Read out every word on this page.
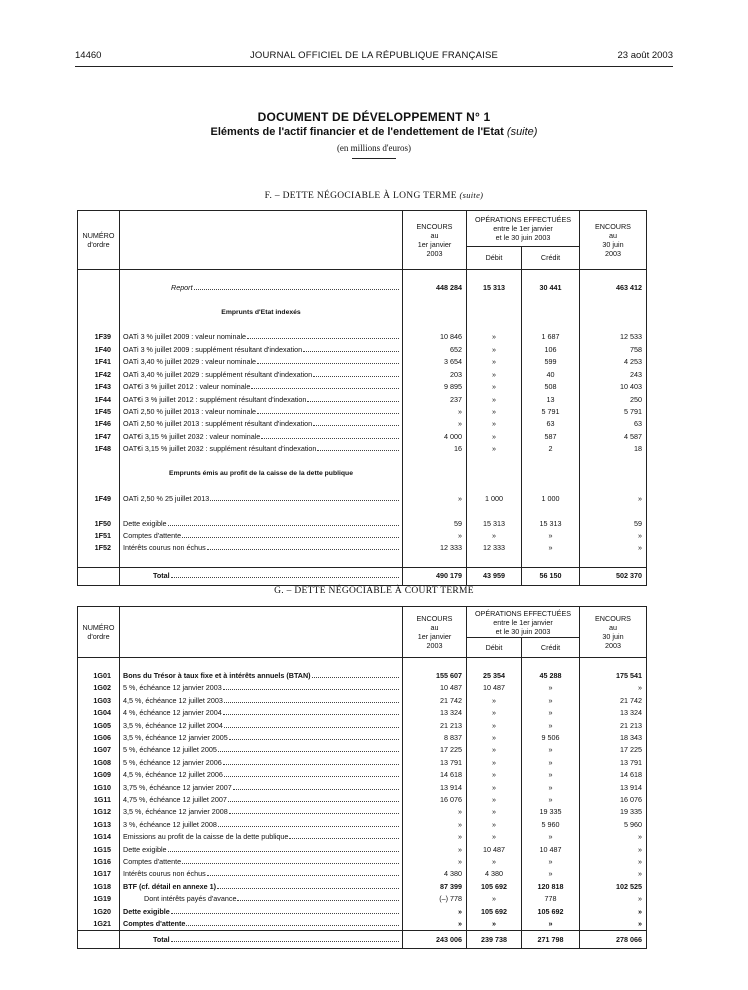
14460	JOURNAL OFFICIEL DE LA RÉPUBLIQUE FRANÇAISE	23 août 2003
DOCUMENT DE DÉVELOPPEMENT N° 1
Eléments de l'actif financier et de l'endettement de l'Etat (suite)
(en millions d'euros)
F. – DETTE NÉGOCIABLE À LONG TERME (suite)
NUMÉRO
d'ordre		ENCOURS
au
1er janvier
2003	OPÉRATIONS EFFECTUÉES
entre le 1er janvier
et le 30 juin 2003		ENCOURS
au
30 juin
2003
			Débit	Crédit	

	Report	448 284	15 313	30 441	463 412

	Emprunts d'Etat indexés				

1F39	OATi 3 % juillet 2009 : valeur nominale	10 846	»	1 687	12 533
1F40	OATi 3 % juillet 2009 : supplément résultant d'indexation	652	»	106	758
1F41	OATi 3,40 % juillet 2029 : valeur nominale	3 654	»	599	4 253
1F42	OATi 3,40 % juillet 2029 : supplément résultant d'indexation	203	»	40	243
1F43	OAT€i 3 % juillet 2012 : valeur nominale	9 895	»	508	10 403
1F44	OAT€i 3 % juillet 2012 : supplément résultant d'indexation	237	»	13	250
1F45	OATi 2,50 % juillet 2013 : valeur nominale	»	»	5 791	5 791
1F46	OATi 2,50 % juillet 2013 : supplément résultant d'indexation	»	»	63	63
1F47	OAT€i 3,15 % juillet 2032 : valeur nominale	4 000	»	587	4 587
1F48	OAT€i 3,15 % juillet 2032 : supplément résultant d'indexation	16	»	2	18

	Emprunts émis au profit de la caisse de la dette publique				

1F49	OATi 2,50 % 25 juillet 2013	»	1 000	1 000	»

1F50	Dette exigible	59	15 313	15 313	59
1F51	Comptes d'attente	»	»	»	»
1F52	Intérêts courus non échus	12 333	12 333	»	»

	Total	490 179	43 959	56 150	502 370
G. – DETTE NÉGOCIABLE À COURT TERME
NUMÉRO
d'ordre		ENCOURS
au
1er janvier
2003	OPÉRATIONS EFFECTUÉES
entre le 1er janvier
et le 30 juin 2003		ENCOURS
au
30 juin
2003
			Débit	Crédit	

1G01	Bons du Trésor à taux fixe et à intérêts annuels (BTAN)	155 607	25 354	45 288	175 541
1G02	5 %, échéance 12 janvier 2003	10 487	10 487	»	»
1G03	4,5 %, échéance 12 juillet 2003	21 742	»	»	21 742
1G04	4 %, échéance 12 janvier 2004	13 324	»	»	13 324
1G05	3,5 %, échéance 12 juillet 2004	21 213	»	»	21 213
1G06	3,5 %, échéance 12 janvier 2005	8 837	»	9 506	18 343
1G07	5 %, échéance 12 juillet 2005	17 225	»	»	17 225
1G08	5 %, échéance 12 janvier 2006	13 791	»	»	13 791
1G09	4,5 %, échéance 12 juillet 2006	14 618	»	»	14 618
1G10	3,75 %, échéance 12 janvier 2007	13 914	»	»	13 914
1G11	4,75 %, échéance 12 juillet 2007	16 076	»	»	16 076
1G12	3,5 %, échéance 12 janvier 2008	»	»	19 335	19 335
1G13	3 %, échéance 12 juillet 2008	»	»	5 960	5 960
1G14	Emissions au profit de la caisse de la dette publique	»	»	»	»
1G15	Dette exigible	»	10 487	10 487	»
1G16	Comptes d'attente	»	»	»	»
1G17	Intérêts courus non échus	4 380	4 380	»	»
1G18	BTF (cf. détail en annexe 1)	87 399	105 692	120 818	102 525
1G19	Dont intérêts payés d'avance	(–) 778	»	778	»
1G20	Dette exigible	»	105 692	105 692	»
1G21	Comptes d'attente	»	»	»	»

	Total	243 006	239 738	271 798	278 066
